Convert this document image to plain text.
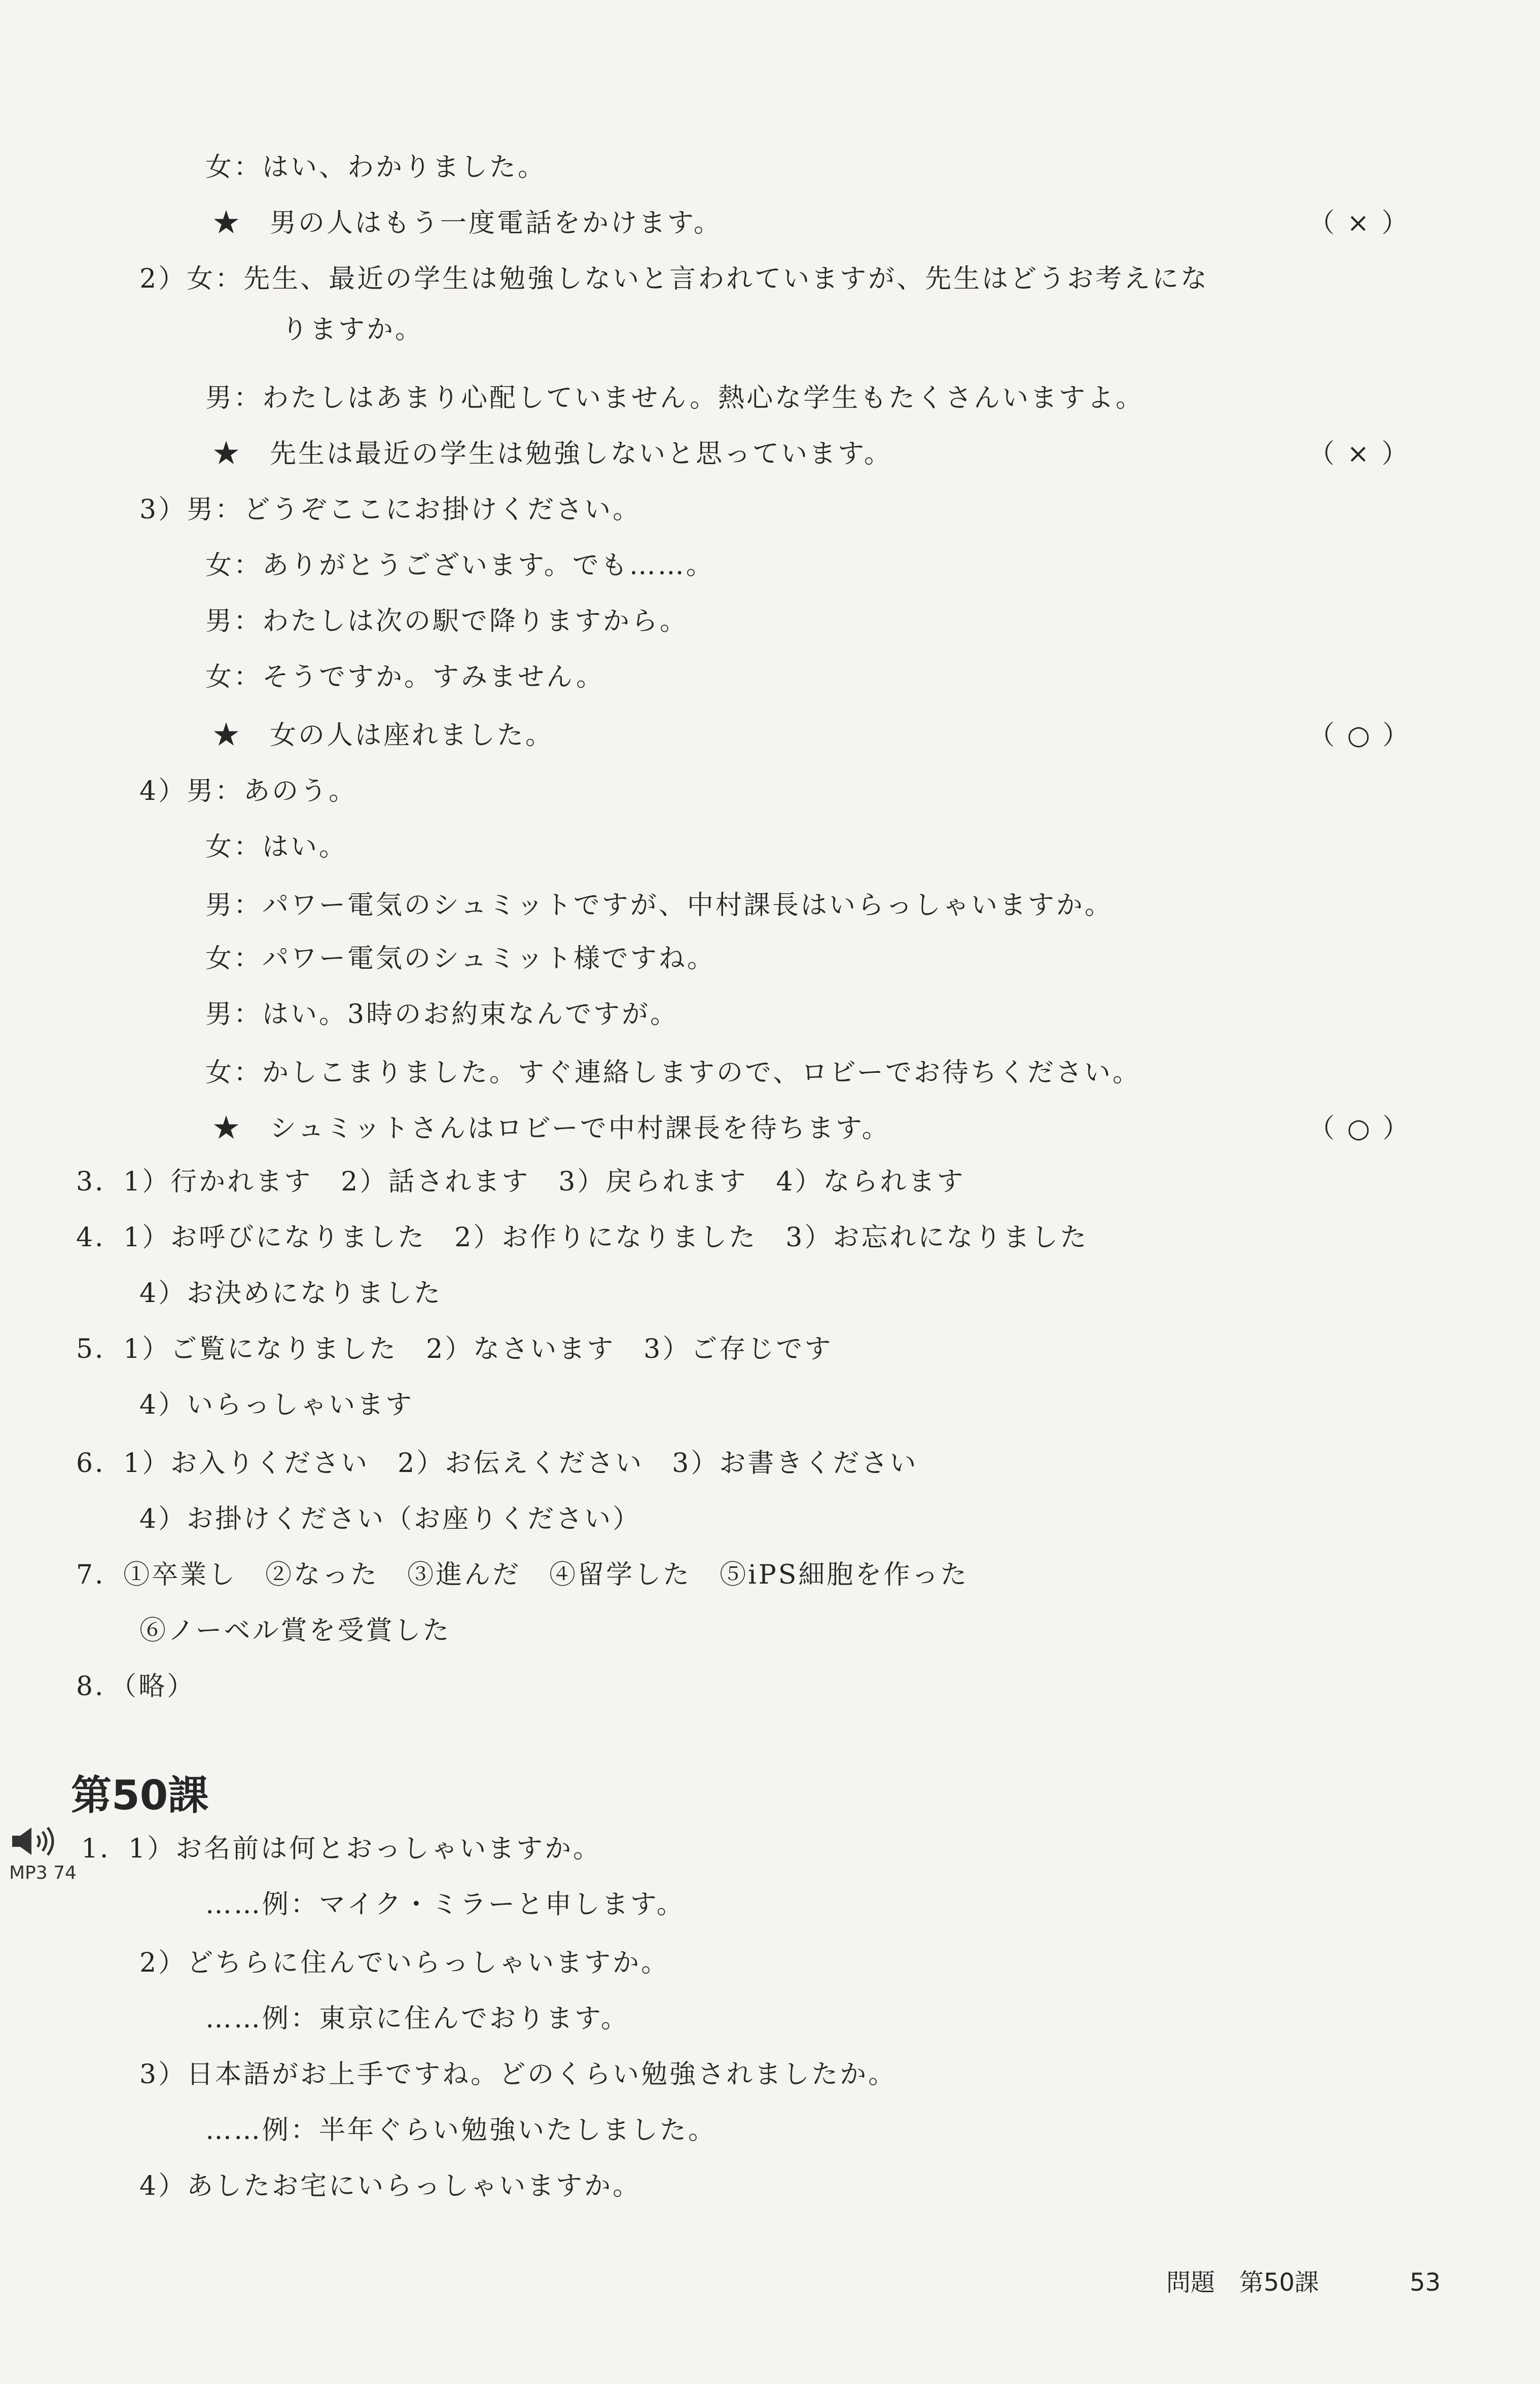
女：はい、わかりました。
★　男の人はもう一度電話をかけます。	（ × ）
2）女：先生、最近の学生は勉強しないと言われていますが、先生はどうお考えにな
りますか。
男：わたしはあまり心配していません。熱心な学生もたくさんいますよ。
★　先生は最近の学生は勉強しないと思っています。	（ × ）
3）男：どうぞここにお掛けください。
女：ありがとうございます。でも……。
男：わたしは次の駅で降りますから。
女：そうですか。すみません。
★　女の人は座れました。	（ ○ ）
4）男：あのう。
女：はい。
男：パワー電気のシュミットですが、中村課長はいらっしゃいますか。
女：パワー電気のシュミット様ですね。
男：はい。3時のお約束なんですが。
女：かしこまりました。すぐ連絡しますので、ロビーでお待ちください。
★　シュミットさんはロビーで中村課長を待ちます。	（ ○ ）
3．1）行かれます　2）話されます　3）戻られます　4）なられます
4．1）お呼びになりました　2）お作りになりました　3）お忘れになりました
4）お決めになりました
5．1）ご覧になりました　2）なさいます　3）ご存じです
4）いらっしゃいます
6．1）お入りください　2）お伝えください　3）お書きください
4）お掛けください（お座りください）
7．①卒業し　②なった　③進んだ　④留学した　⑤iPS細胞を作った
⑥ノーベル賞を受賞した
8．（略）
第50課
MP3 74
1．1）お名前は何とおっしゃいますか。
……例：マイク・ミラーと申します。
2）どちらに住んでいらっしゃいますか。
……例：東京に住んでおります。
3）日本語がお上手ですね。どのくらい勉強されましたか。
……例：半年ぐらい勉強いたしました。
4）あしたお宅にいらっしゃいますか。
問題　第50課	53
